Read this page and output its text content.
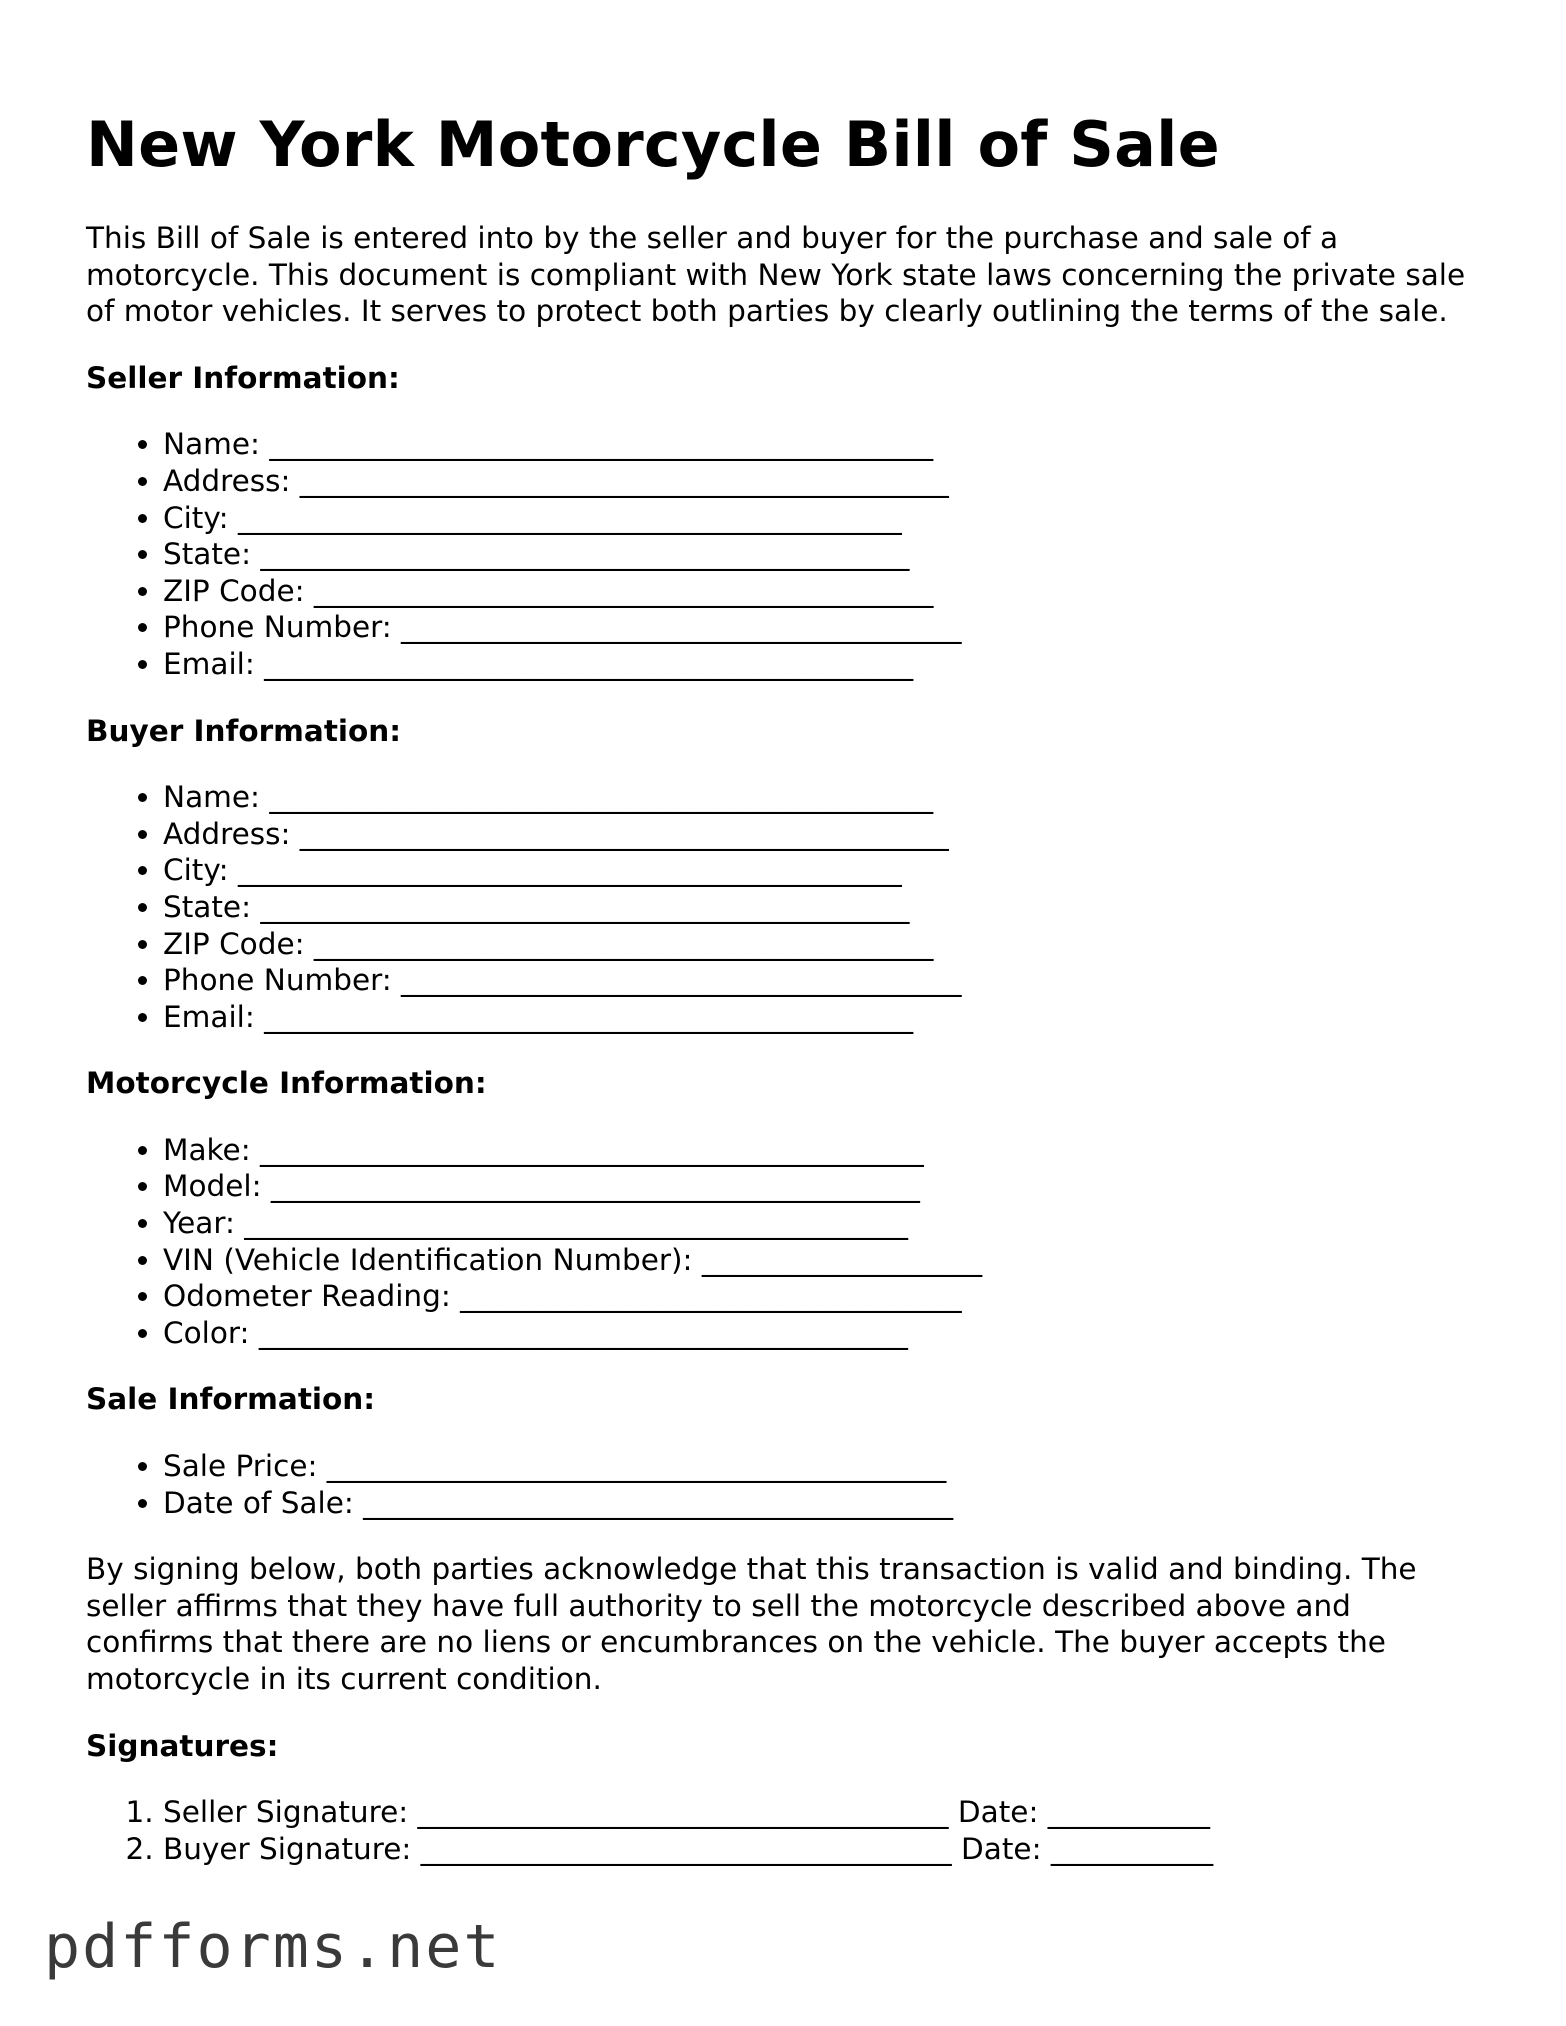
New York Motorcycle Bill of Sale

This Bill of Sale is entered into by the seller and buyer for the purchase and sale of a motorcycle. This document is compliant with New York state laws concerning the private sale of motor vehicles. It serves to protect both parties by clearly outlining the terms of the sale.

Seller Information:
• Name: _____________________________________________
• Address: ____________________________________________
• City: _____________________________________________
• State: ____________________________________________
• ZIP Code: __________________________________________
• Phone Number: ______________________________________
• Email: ____________________________________________
Buyer Information:
• Name: _____________________________________________
• Address: ____________________________________________
• City: _____________________________________________
• State: ____________________________________________
• ZIP Code: __________________________________________
• Phone Number: ______________________________________
• Email: ____________________________________________
Motorcycle Information:
• Make: _____________________________________________
• Model: ____________________________________________
• Year: _____________________________________________
• VIN (Vehicle Identification Number): ___________________
• Odometer Reading: __________________________________
• Color: ____________________________________________
Sale Information:
• Sale Price: __________________________________________
• Date of Sale: ________________________________________

By signing below, both parties acknowledge that this transaction is valid and binding. The seller affirms that they have full authority to sell the motorcycle described above and confirms that there are no liens or encumbrances on the vehicle. The buyer accepts the motorcycle in its current condition.

Signatures:
1. Seller Signature: ____________________________________ Date: ___________
2. Buyer Signature: ____________________________________ Date: ___________
pdfforms.net
